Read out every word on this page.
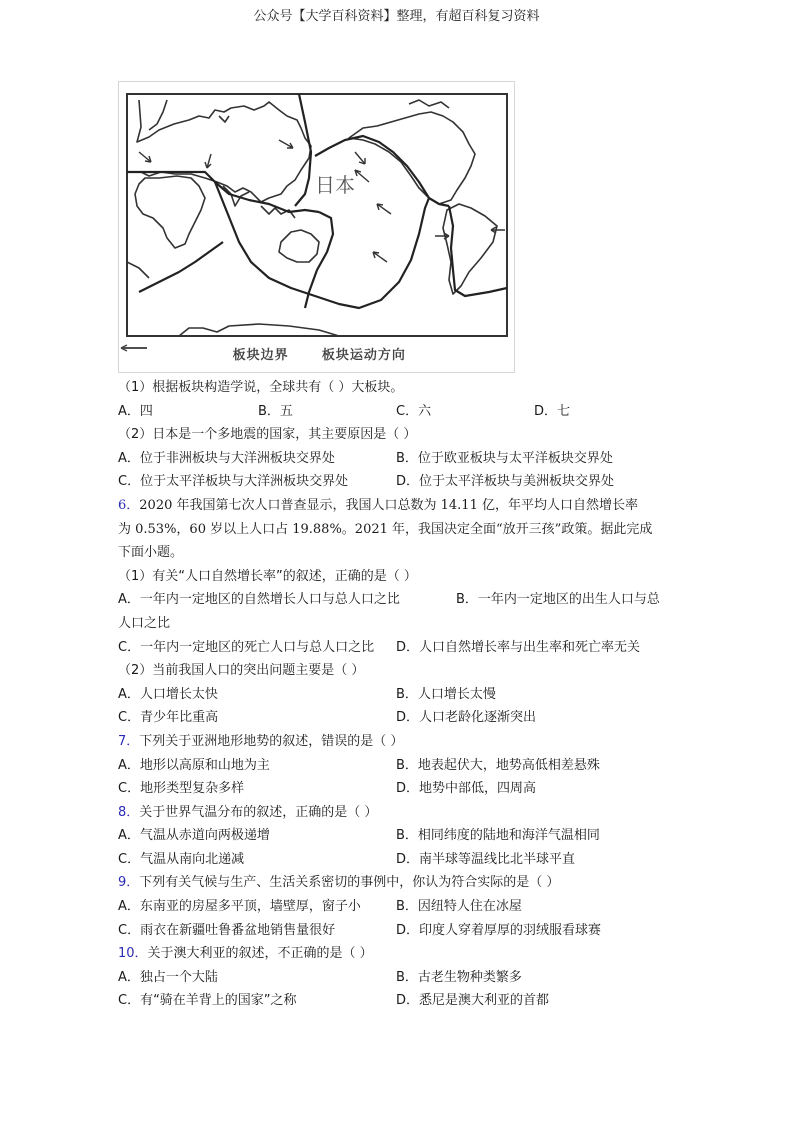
公众号【大学百科资料】整理，有超百科复习资料
日本
板块边界	板块运动方向
（1）根据板块构造学说，全球共有（ ）大板块。
A．四	B．五	C．六	D．七
（2）日本是一个多地震的国家，其主要原因是（ ）
A．位于非洲板块与大洋洲板块交界处	B．位于欧亚板块与太平洋板块交界处
C．位于太平洋板块与大洋洲板块交界处	D．位于太平洋板块与美洲板块交界处
6．2020 年我国第七次人口普查显示，我国人口总数为 14.11 亿，年平均人口自然增长率
为 0.53%，60 岁以上人口占 19.88%。2021 年，我国决定全面“放开三孩”政策。据此完成
下面小题。
（1）有关“人口自然增长率”的叙述，正确的是（ ）
A．一年内一定地区的自然增长人口与总人口之比	B．一年内一定地区的出生人口与总
人口之比
C．一年内一定地区的死亡人口与总人口之比 D．人口自然增长率与出生率和死亡率无关
（2）当前我国人口的突出问题主要是（ ）
A．人口增长太快	B．人口增长太慢
C．青少年比重高	D．人口老龄化逐渐突出
7．下列关于亚洲地形地势的叙述，错误的是（ ）
A．地形以高原和山地为主	B．地表起伏大，地势高低相差悬殊
C．地形类型复杂多样	D．地势中部低，四周高
8．关于世界气温分布的叙述，正确的是（ ）
A．气温从赤道向两极递增	B．相同纬度的陆地和海洋气温相同
C．气温从南向北递减	D．南半球等温线比北半球平直
9．下列有关气候与生产、生活关系密切的事例中，你认为符合实际的是（ ）
A．东南亚的房屋多平顶，墙壁厚，窗子小	B．因纽特人住在冰屋
C．雨衣在新疆吐鲁番盆地销售量很好	D．印度人穿着厚厚的羽绒服看球赛
10．关于澳大利亚的叙述，不正确的是（ ）
A．独占一个大陆	B．古老生物种类繁多
C．有“骑在羊背上的国家”之称	D．悉尼是澳大利亚的首都
